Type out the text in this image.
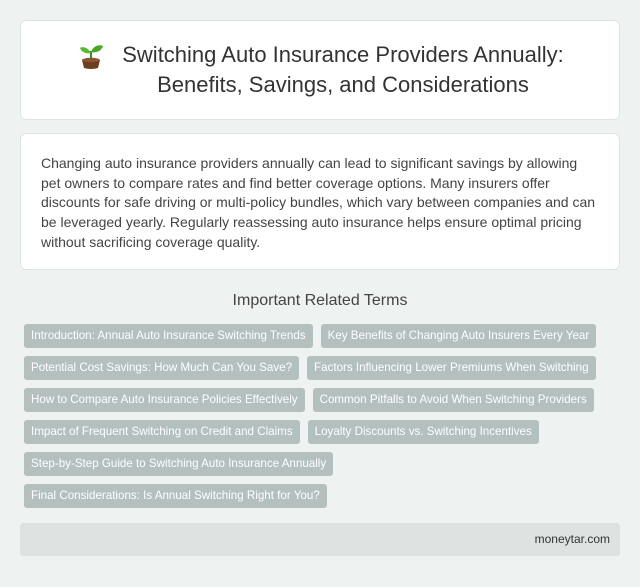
Switching Auto Insurance Providers Annually:
Benefits, Savings, and Considerations

Changing auto insurance providers annually can lead to significant savings by allowing pet owners to compare rates and find better coverage options. Many insurers offer discounts for safe driving or multi-policy bundles, which vary between companies and can be leveraged yearly. Regularly reassessing auto insurance helps ensure optimal pricing without sacrificing coverage quality.

Important Related Terms
Introduction: Annual Auto Insurance Switching Trends	Key Benefits of Changing Auto Insurers Every Year
Potential Cost Savings: How Much Can You Save?	Factors Influencing Lower Premiums When Switching
How to Compare Auto Insurance Policies Effectively	Common Pitfalls to Avoid When Switching Providers
Impact of Frequent Switching on Credit and Claims	Loyalty Discounts vs. Switching Incentives
Step-by-Step Guide to Switching Auto Insurance Annually
Final Considerations: Is Annual Switching Right for You?
moneytar.com
